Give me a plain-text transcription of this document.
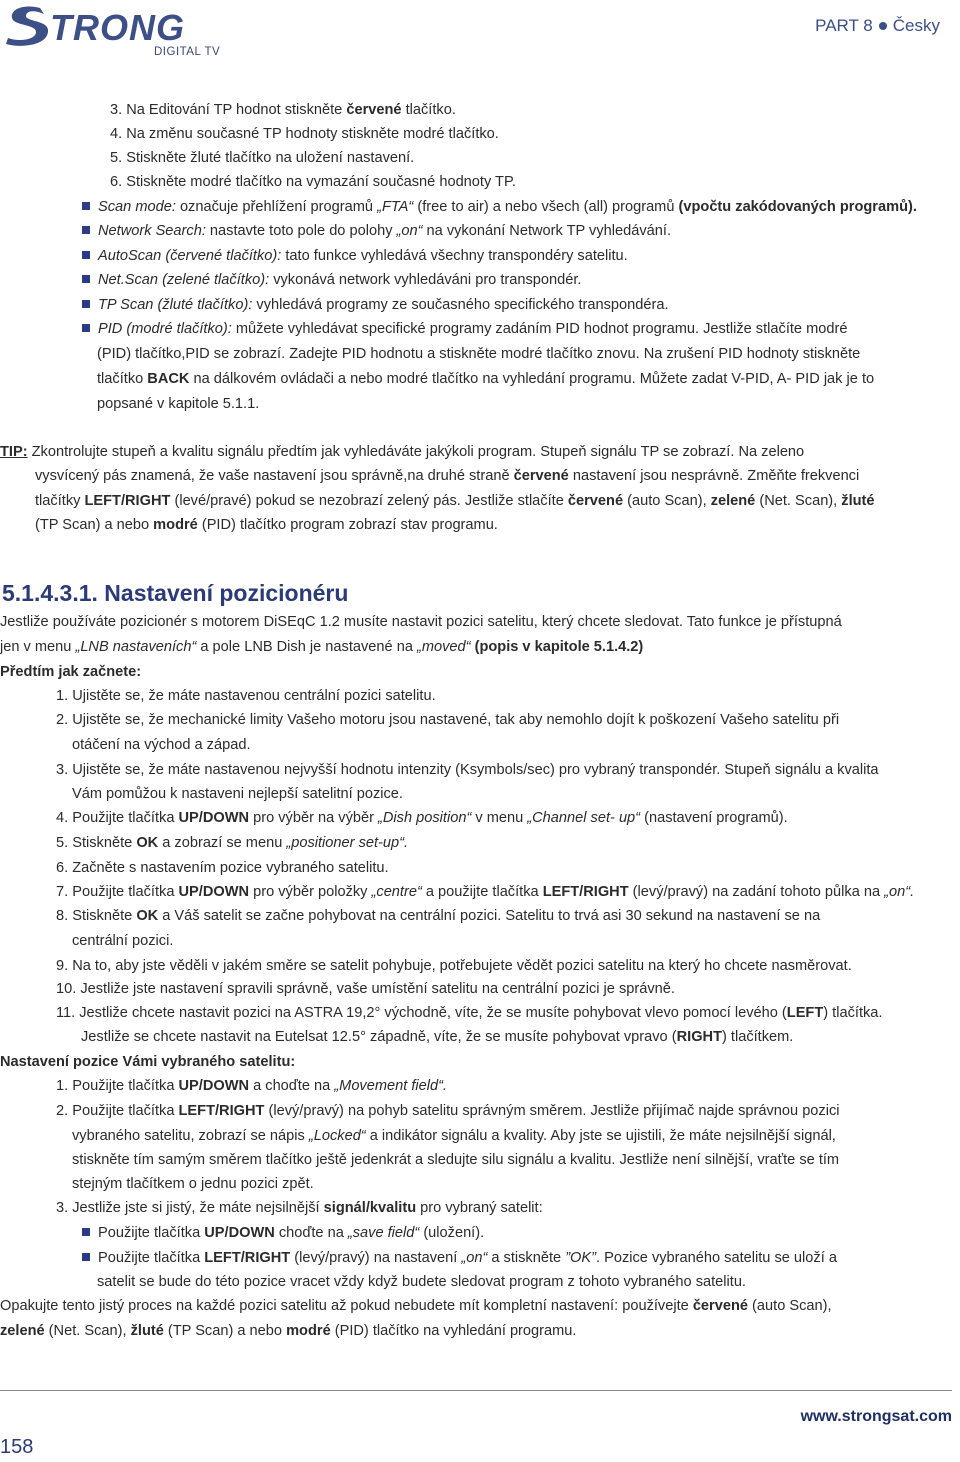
TRONG
DIGITAL TV
PART 8 Česky
3. Na Editování TP hodnot stiskněte červené tlačítko.
4. Na změnu současné TP hodnoty stiskněte modré tlačítko.
5. Stiskněte žluté tlačítko na uložení nastavení.
6. Stiskněte modré tlačítko na vymazání současné hodnoty TP.
Scan mode: označuje přehlížení programů „FTA“ (free to air) a nebo všech (all) programů (vpočtu zakódovaných programů).
Network Search: nastavte toto pole do polohy „on“ na vykonání Network TP vyhledávání.
AutoScan (červené tlačítko): tato funkce vyhledává všechny transpondéry satelitu.
Net.Scan (zelené tlačítko): vykonává network vyhledáváni pro transpondér.
TP Scan (žluté tlačítko): vyhledává programy ze současného specifického transpondéra.
PID (modré tlačítko): můžete vyhledávat specifické programy zadáním PID hodnot programu. Jestliže stlačíte modré
(PID) tlačítko,PID se zobrazí. Zadejte PID hodnotu a stiskněte modré tlačítko znovu. Na zrušení PID hodnoty stiskněte
tlačítko BACK na dálkovém ovládači a nebo modré tlačítko na vyhledání programu. Můžete zadat V-PID, A- PID jak je to
popsané v kapitole 5.1.1.
TIP: Zkontrolujte stupeň a kvalitu signálu předtím jak vyhledáváte jakýkoli program. Stupeň signálu TP se zobrazí. Na zeleno
vysvícený pás znamená, že vaše nastavení jsou správně,na druhé straně červené nastavení jsou nesprávně. Změňte frekvenci
tlačítky LEFT/RIGHT (levé/pravé) pokud se nezobrazí zelený pás. Jestliže stlačíte červené (auto Scan), zelené (Net. Scan), žluté
(TP Scan) a nebo modré (PID) tlačítko program zobrazí stav programu.
Jestliže používáte pozicionér s motorem DiSEqC 1.2 musíte nastavit pozici satelitu, který chcete sledovat. Tato funkce je přístupná
jen v menu „LNB nastaveních“ a pole LNB Dish je nastavené na „moved“ (popis v kapitole 5.1.4.2)
Předtím jak začnete:
1. Ujistěte se, že máte nastavenou centrální pozici satelitu.
2. Ujistěte se, že mechanické limity Vašeho motoru jsou nastavené, tak aby nemohlo dojít k poškození Vašeho satelitu při
otáčení na východ a západ.
3. Ujistěte se, že máte nastavenou nejvyšší hodnotu intenzity (Ksymbols/sec) pro vybraný transpondér. Stupeň signálu a kvalita
Vám pomůžou k nastaveni nejlepší satelitní pozice.
4. Použijte tlačítka UP/DOWN pro výběr na výběr „Dish position“ v menu „Channel set- up“ (nastavení programů).
5. Stiskněte OK a zobrazí se menu „positioner set-up“.
6. Začněte s nastavením pozice vybraného satelitu.
7. Použijte tlačítka UP/DOWN pro výběr položky „centre“ a použijte tlačítka LEFT/RIGHT (levý/pravý) na zadání tohoto půlka na „on“.
8. Stiskněte OK a Váš satelit se začne pohybovat na centrální pozici. Satelitu to trvá asi 30 sekund na nastavení se na
centrální pozici.
9. Na to, aby jste věděli v jakém směre se satelit pohybuje, potřebujete vědět pozici satelitu na který ho chcete nasměrovat.
10. Jestliže jste nastavení spravili správně, vaše umístění satelitu na centrální pozici je správně.
11. Jestliže chcete nastavit pozici na ASTRA 19,2° východně, víte, že se musíte pohybovat vlevo pomocí levého (LEFT) tlačítka.
Jestliže se chcete nastavit na Eutelsat 12.5° západně, víte, že se musíte pohybovat vpravo (RIGHT) tlačítkem.
Nastavení pozice Vámi vybraného satelitu:
1. Použijte tlačítka UP/DOWN a choďte na „Movement field“.
2. Použijte tlačítka LEFT/RIGHT (levý/pravý) na pohyb satelitu správným směrem. Jestliže přijímač najde správnou pozici
vybraného satelitu, zobrazí se nápis „Locked“ a indikátor signálu a kvality. Aby jste se ujistili, že máte nejsilnější signál,
stiskněte tím samým směrem tlačítko ještě jedenkrát a sledujte silu signálu a kvalitu. Jestliže není silnější, vraťte se tím
stejným tlačítkem o jednu pozici zpět.
3. Jestliže jste si jistý, že máte nejsilnější signál/kvalitu pro vybraný satelit:
Použijte tlačítka UP/DOWN choďte na „save field“ (uložení).
Použijte tlačítka LEFT/RIGHT (levý/pravý) na nastavení „on“ a stiskněte ”OK”. Pozice vybraného satelitu se uloží a
satelit se bude do této pozice vracet vždy když budete sledovat program z tohoto vybraného satelitu.
Opakujte tento jistý proces na každé pozici satelitu až pokud nebudete mít kompletní nastavení: používejte červené (auto Scan),
zelené (Net. Scan), žluté (TP Scan) a nebo modré (PID) tlačítko na vyhledání programu.
5.1.4.3.1. Nastavení pozicionéru
www.strongsat.com
158
